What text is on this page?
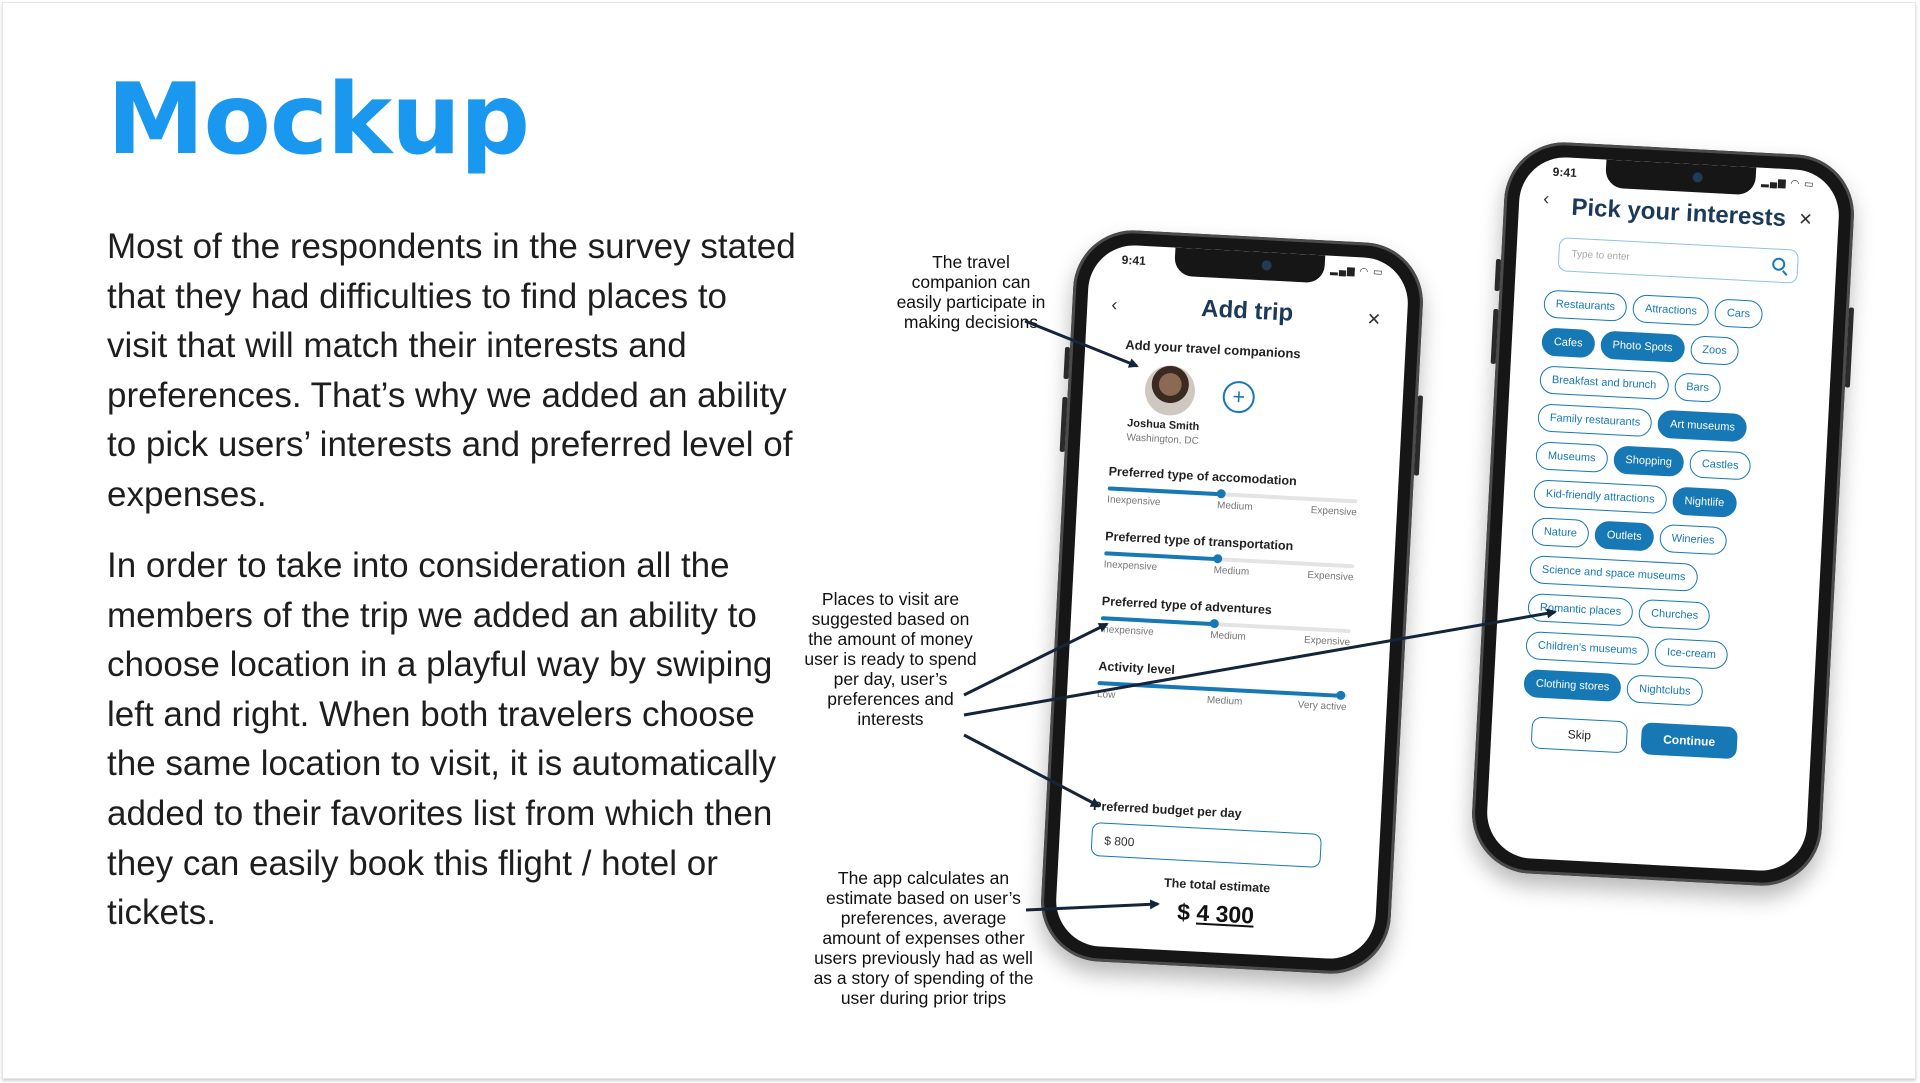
Mockup

Most of the respondents in the survey stated that they had difficulties to find places to visit that will match their interests and preferences. That’s why we added an ability to pick users’ interests and preferred level of expenses.

In order to take into consideration all the members of the trip we added an ability to choose location in a playful way by swiping left and right. When both travelers choose the same location to visit, it is automatically added to their favorites list from which then they can easily book this flight / hotel or tickets.

The travel companion can easily participate in making decisions

Places to visit are suggested based on the amount of money user is ready to spend per day, user’s preferences and interests

The app calculates an estimate based on user’s preferences, average amount of expenses other users previously had as well as a story of spending of the user during prior trips

9:41
▂▄▆ ◠ ▭
‹	Add trip	✕
Add your travel companions
Joshua Smith
Washington, DC
+
Preferred type of accomodation
Inexpensive	Medium	Expensive
Preferred type of transportation
Inexpensive	Medium	Expensive
Preferred type of adventures
Inexpensive	Medium	Expensive
Activity level
Low	Medium	Very active
Preferred budget per day
$ 800
The total estimate
$ 4 300
9:41
▂▄▆ ◠ ▭
‹ Pick your interests ✕
Type to enter
Restaurants	Attractions	Cars
Cafes	Photo Spots	Zoos
Breakfast and brunch	Bars
Family restaurants	Art museums
Museums	Shopping	Castles
Kid-friendly attractions	Nightlife
Nature	Outlets	Wineries
Science and space museums
Romantic places	Churches
Children's museums	Ice-cream
Clothing stores	Nightclubs
Skip	Continue
